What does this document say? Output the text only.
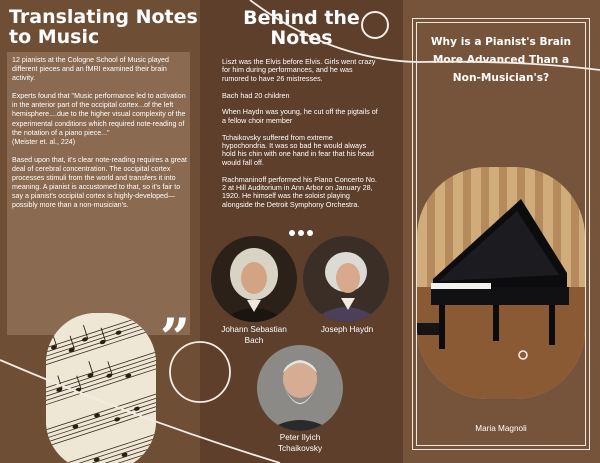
Translating Notes
to Music

12 pianists at the Cologne School of Music played different pieces and an fMRI examined their brain activity.

Experts found that "Music performance led to activation in the anterior part of the occipital cortex...of the left hemisphere....due to the higher visual complexity of the experimental conditions which required note-reading of the notation of a piano piece..."

(Meister et. al., 224)

Based upon that, it's clear note-reading requires a great deal of cerebral concentration. The occipital cortex processes stimuli from the world and transfers it into meaning. A pianist is accustomed to that, so it's fair to say a pianist's occipital cortex is highly-developed—possibly more than a non-musician's.

”
Behind the
Notes

Liszt was the Elvis before Elvis. Girls went crazy for him during performances, and he was rumored to have 26 mistresses.

Bach had 20 children

When Haydn was young, he cut off the pigtails of a fellow choir member

Tchaikovsky suffered from extreme hypochondria. It was so bad he would always hold his chin with one hand in fear that his head would fall off.

Rachmaninoff performed his Piano Concerto No. 2 at Hill Auditorium in Ann Arbor on January 28, 1920. He himself was the soloist playing alongside the Detroit Symphony Orchestra.

Johann Sebastian
Bach
Joseph Haydn
Peter Ilyich
Tchaikovsky
Why is a Pianist's Brain
More Advanced Than a
Non-Musician's?
Maria Magnoli
